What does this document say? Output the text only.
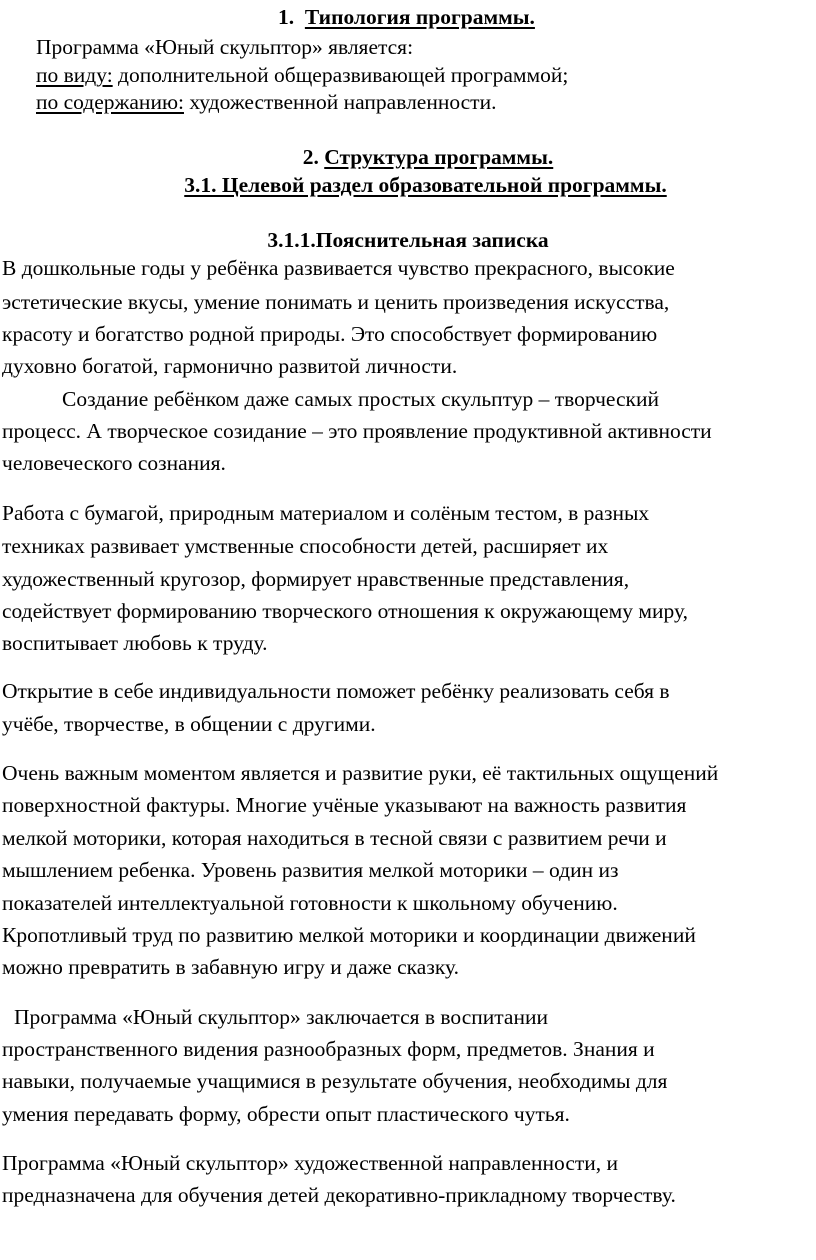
1. Типология программы.
Программа «Юный скульптор» является:
по виду: дополнительной общеразвивающей программой;
по содержанию: художественной направленности.
2. Структура программы.
3.1. Целевой раздел образовательной программы.
3.1.1.Пояснительная записка
В дошкольные годы у ребёнка развивается чувство прекрасного, высокие
эстетические вкусы, умение понимать и ценить произведения искусства,
красоту и богатство родной природы. Это способствует формированию
духовно богатой, гармонично развитой личности.
Создание ребёнком даже самых простых скульптур – творческий
процесс. А творческое созидание – это проявление продуктивной активности
человеческого сознания.
Работа с бумагой, природным материалом и солёным тестом, в разных
техниках развивает умственные способности детей, расширяет их
художественный кругозор, формирует нравственные представления,
содействует формированию творческого отношения к окружающему миру,
воспитывает любовь к труду.
Открытие в себе индивидуальности поможет ребёнку реализовать себя в
учёбе, творчестве, в общении с другими.
Очень важным моментом является и развитие руки, её тактильных ощущений
поверхностной фактуры. Многие учёные указывают на важность развития
мелкой моторики, которая находиться в тесной связи с развитием речи и
мышлением ребенка. Уровень развития мелкой моторики – один из
показателей интеллектуальной готовности к школьному обучению.
Кропотливый труд по развитию мелкой моторики и координации движений
можно превратить в забавную игру и даже сказку.
Программа «Юный скульптор» заключается в воспитании
пространственного видения разнообразных форм, предметов. Знания и
навыки, получаемые учащимися в результате обучения, необходимы для
умения передавать форму, обрести опыт пластического чутья.
Программа «Юный скульптор» художественной направленности, и
предназначена для обучения детей декоративно-прикладному творчеству.
